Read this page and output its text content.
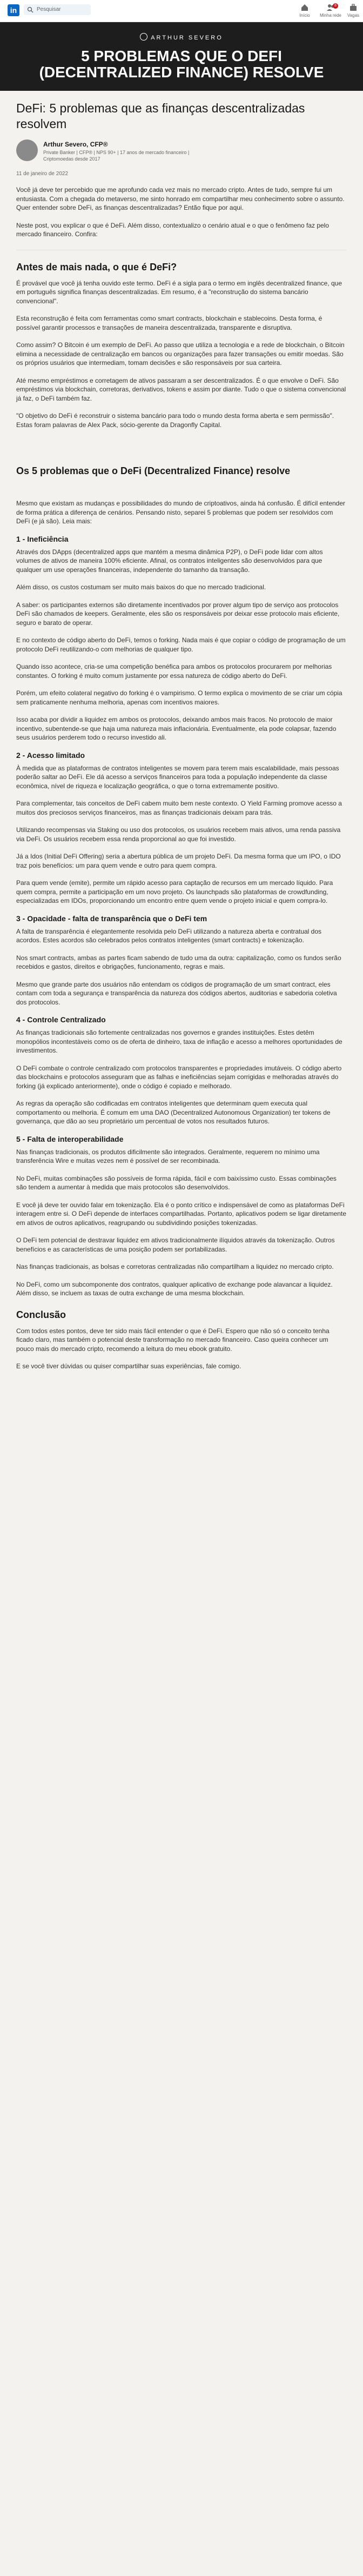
in	Pesquisar
Início	Minha rede
8
Vagas
ARTHUR SEVERO
5 PROBLEMAS QUE O DEFI (DECENTRALIZED FINANCE) RESOLVE
DeFi: 5 problemas que as finanças descentralizadas resolvem
Arthur Severo, CFP®
Private Banker | CFP® | NPS 90+ | 17 anos de mercado financeiro | Criptomoedas desde 2017
11 de janeiro de 2022

Você já deve ter percebido que me aprofundo cada vez mais no mercado cripto. Antes de tudo, sempre fui um entusiasta. Com a chegada do metaverso, me sinto honrado em compartilhar meu conhecimento sobre o assunto. Quer entender sobre DeFi, as finanças descentralizadas? Então fique por aqui.

Neste post, vou explicar o que é DeFi. Além disso, contextualizo o cenário atual e o que o fenômeno faz pelo mercado financeiro. Confira:

Antes de mais nada, o que é DeFi?

É provável que você já tenha ouvido este termo. DeFi é a sigla para o termo em inglês decentralized finance, que em português significa finanças descentralizadas. Em resumo, é a "reconstrução do sistema bancário convencional".

Esta reconstrução é feita com ferramentas como smart contracts, blockchain e stablecoins. Desta forma, é possível garantir processos e transações de maneira descentralizada, transparente e disruptiva.

Como assim? O Bitcoin é um exemplo de DeFi. Ao passo que utiliza a tecnologia e a rede de blockchain, o Bitcoin elimina a necessidade de centralização em bancos ou organizações para fazer transações ou emitir moedas. São os próprios usuários que intermediam, tomam decisões e são responsáveis por sua carteira.

Até mesmo empréstimos e corretagem de ativos passaram a ser descentralizados. É o que envolve o DeFi. São empréstimos via blockchain, corretoras, derivativos, tokens e assim por diante. Tudo o que o sistema convencional já faz, o DeFi também faz.

"O objetivo do DeFi é reconstruir o sistema bancário para todo o mundo desta forma aberta e sem permissão". Estas foram palavras de Alex Pack, sócio-gerente da Dragonfly Capital.

Os 5 problemas que o DeFi (Decentralized Finance) resolve

Mesmo que existam as mudanças e possibilidades do mundo de criptoativos, ainda há confusão. É difícil entender de forma prática a diferença de cenários. Pensando nisto, separei 5 problemas que podem ser resolvidos com DeFi (e já são). Leia mais:

1 - Ineficiência

Através dos DApps (decentralized apps que mantém a mesma dinâmica P2P), o DeFi pode lidar com altos volumes de ativos de maneira 100% eficiente. Afinal, os contratos inteligentes são desenvolvidos para que qualquer um use operações financeiras, independente do tamanho da transação.

Além disso, os custos costumam ser muito mais baixos do que no mercado tradicional.

A saber: os participantes externos são diretamente incentivados por prover algum tipo de serviço aos protocolos DeFi são chamados de keepers. Geralmente, eles são os responsáveis por deixar esse protocolo mais eficiente, seguro e barato de operar.

E no contexto de código aberto do DeFi, temos o forking. Nada mais é que copiar o código de programação de um protocolo DeFi reutilizando-o com melhorias de qualquer tipo.

Quando isso acontece, cria-se uma competição benéfica para ambos os protocolos procurarem por melhorias constantes. O forking é muito comum justamente por essa natureza de código aberto do DeFi.

Porém, um efeito colateral negativo do forking é o vampirismo. O termo explica o movimento de se criar um cópia sem praticamente nenhuma melhoria, apenas com incentivos maiores.

Isso acaba por dividir a liquidez em ambos os protocolos, deixando ambos mais fracos. No protocolo de maior incentivo, subentende-se que haja uma natureza mais inflacionária. Eventualmente, ela pode colapsar, fazendo seus usuários perderem todo o recurso investido ali.

2 - Acesso limitado

À medida que as plataformas de contratos inteligentes se movem para terem mais escalabilidade, mais pessoas poderão saltar ao DeFi. Ele dá acesso a serviços financeiros para toda a população independente da classe econômica, nível de riqueza e localização geográfica, o que o torna extremamente positivo.

Para complementar, tais conceitos de DeFi cabem muito bem neste contexto. O Yield Farming promove acesso a muitos dos preciosos serviços financeiros, mas as finanças tradicionais deixam para trás.

Utilizando recompensas via Staking ou uso dos protocolos, os usuários recebem mais ativos, uma renda passiva via DeFi. Os usuários recebem essa renda proporcional ao que foi investido.

Já a Idos (Initial DeFi Offering) seria a abertura pública de um projeto DeFi. Da mesma forma que um IPO, o IDO traz pois benefícios: um para quem vende e outro para quem compra.

Para quem vende (emite), permite um rápido acesso para captação de recursos em um mercado líquido. Para quem compra, permite a participação em um novo projeto. Os launchpads são plataformas de crowdfunding, especializadas em IDOs, proporcionando um encontro entre quem vende o projeto inicial e quem compra-lo.

3 - Opacidade - falta de transparência que o DeFi tem

A falta de transparência é elegantemente resolvida pelo DeFi utilizando a natureza aberta e contratual dos acordos. Estes acordos são celebrados pelos contratos inteligentes (smart contracts) e tokenização.

Nos smart contracts, ambas as partes ficam sabendo de tudo uma da outra: capitalização, como os fundos serão recebidos e gastos, direitos e obrigações, funcionamento, regras e mais.

Mesmo que grande parte dos usuários não entendam os códigos de programação de um smart contract, eles contam com toda a segurança e transparência da natureza dos códigos abertos, auditorias e sabedoria coletiva dos protocolos.

4 - Controle Centralizado

As finanças tradicionais são fortemente centralizadas nos governos e grandes instituições. Estes detêm monopólios incontestáveis como os de oferta de dinheiro, taxa de inflação e acesso a melhores oportunidades de investimentos.

O DeFi combate o controle centralizado com protocolos transparentes e propriedades imutáveis. O código aberto das blockchains e protocolos asseguram que as falhas e ineficiências sejam corrigidas e melhoradas através do forking (já explicado anteriormente), onde o código é copiado e melhorado.

As regras da operação são codificadas em contratos inteligentes que determinam quem executa qual comportamento ou melhoria. É comum em uma DAO (Decentralized Autonomous Organization) ter tokens de governança, que dão ao seu proprietário um percentual de votos nos resultados futuros.

5 - Falta de interoperabilidade

Nas finanças tradicionais, os produtos dificilmente são integrados. Geralmente, requerem no mínimo uma transferência Wire e muitas vezes nem é possível de ser recombinada.

No DeFi, muitas combinações são possíveis de forma rápida, fácil e com baixíssimo custo. Essas combinações são tendem a aumentar à medida que mais protocolos são desenvolvidos.

E você já deve ter ouvido falar em tokenização. Ela é o ponto crítico e indispensável de como as plataformas DeFi interagem entre si. O DeFi depende de interfaces compartilhadas. Portanto, aplicativos podem se ligar diretamente em ativos de outros aplicativos, reagrupando ou subdividindo posições tokenizadas.

O DeFi tem potencial de destravar liquidez em ativos tradicionalmente ilíquidos através da tokenização. Outros benefícios e as características de uma posição podem ser portabilizadas.

Nas finanças tradicionais, as bolsas e corretoras centralizadas não compartilham a liquidez no mercado cripto.

No DeFi, como um subcomponente dos contratos, qualquer aplicativo de exchange pode alavancar a liquidez. Além disso, se incluem as taxas de outra exchange de uma mesma blockchain.

Conclusão

Com todos estes pontos, deve ter sido mais fácil entender o que é DeFi. Espero que não só o conceito tenha ficado claro, mas também o potencial deste transformação no mercado financeiro. Caso queira conhecer um pouco mais do mercado cripto, recomendo a leitura do meu ebook gratuito.

E se você tiver dúvidas ou quiser compartilhar suas experiências, fale comigo.
